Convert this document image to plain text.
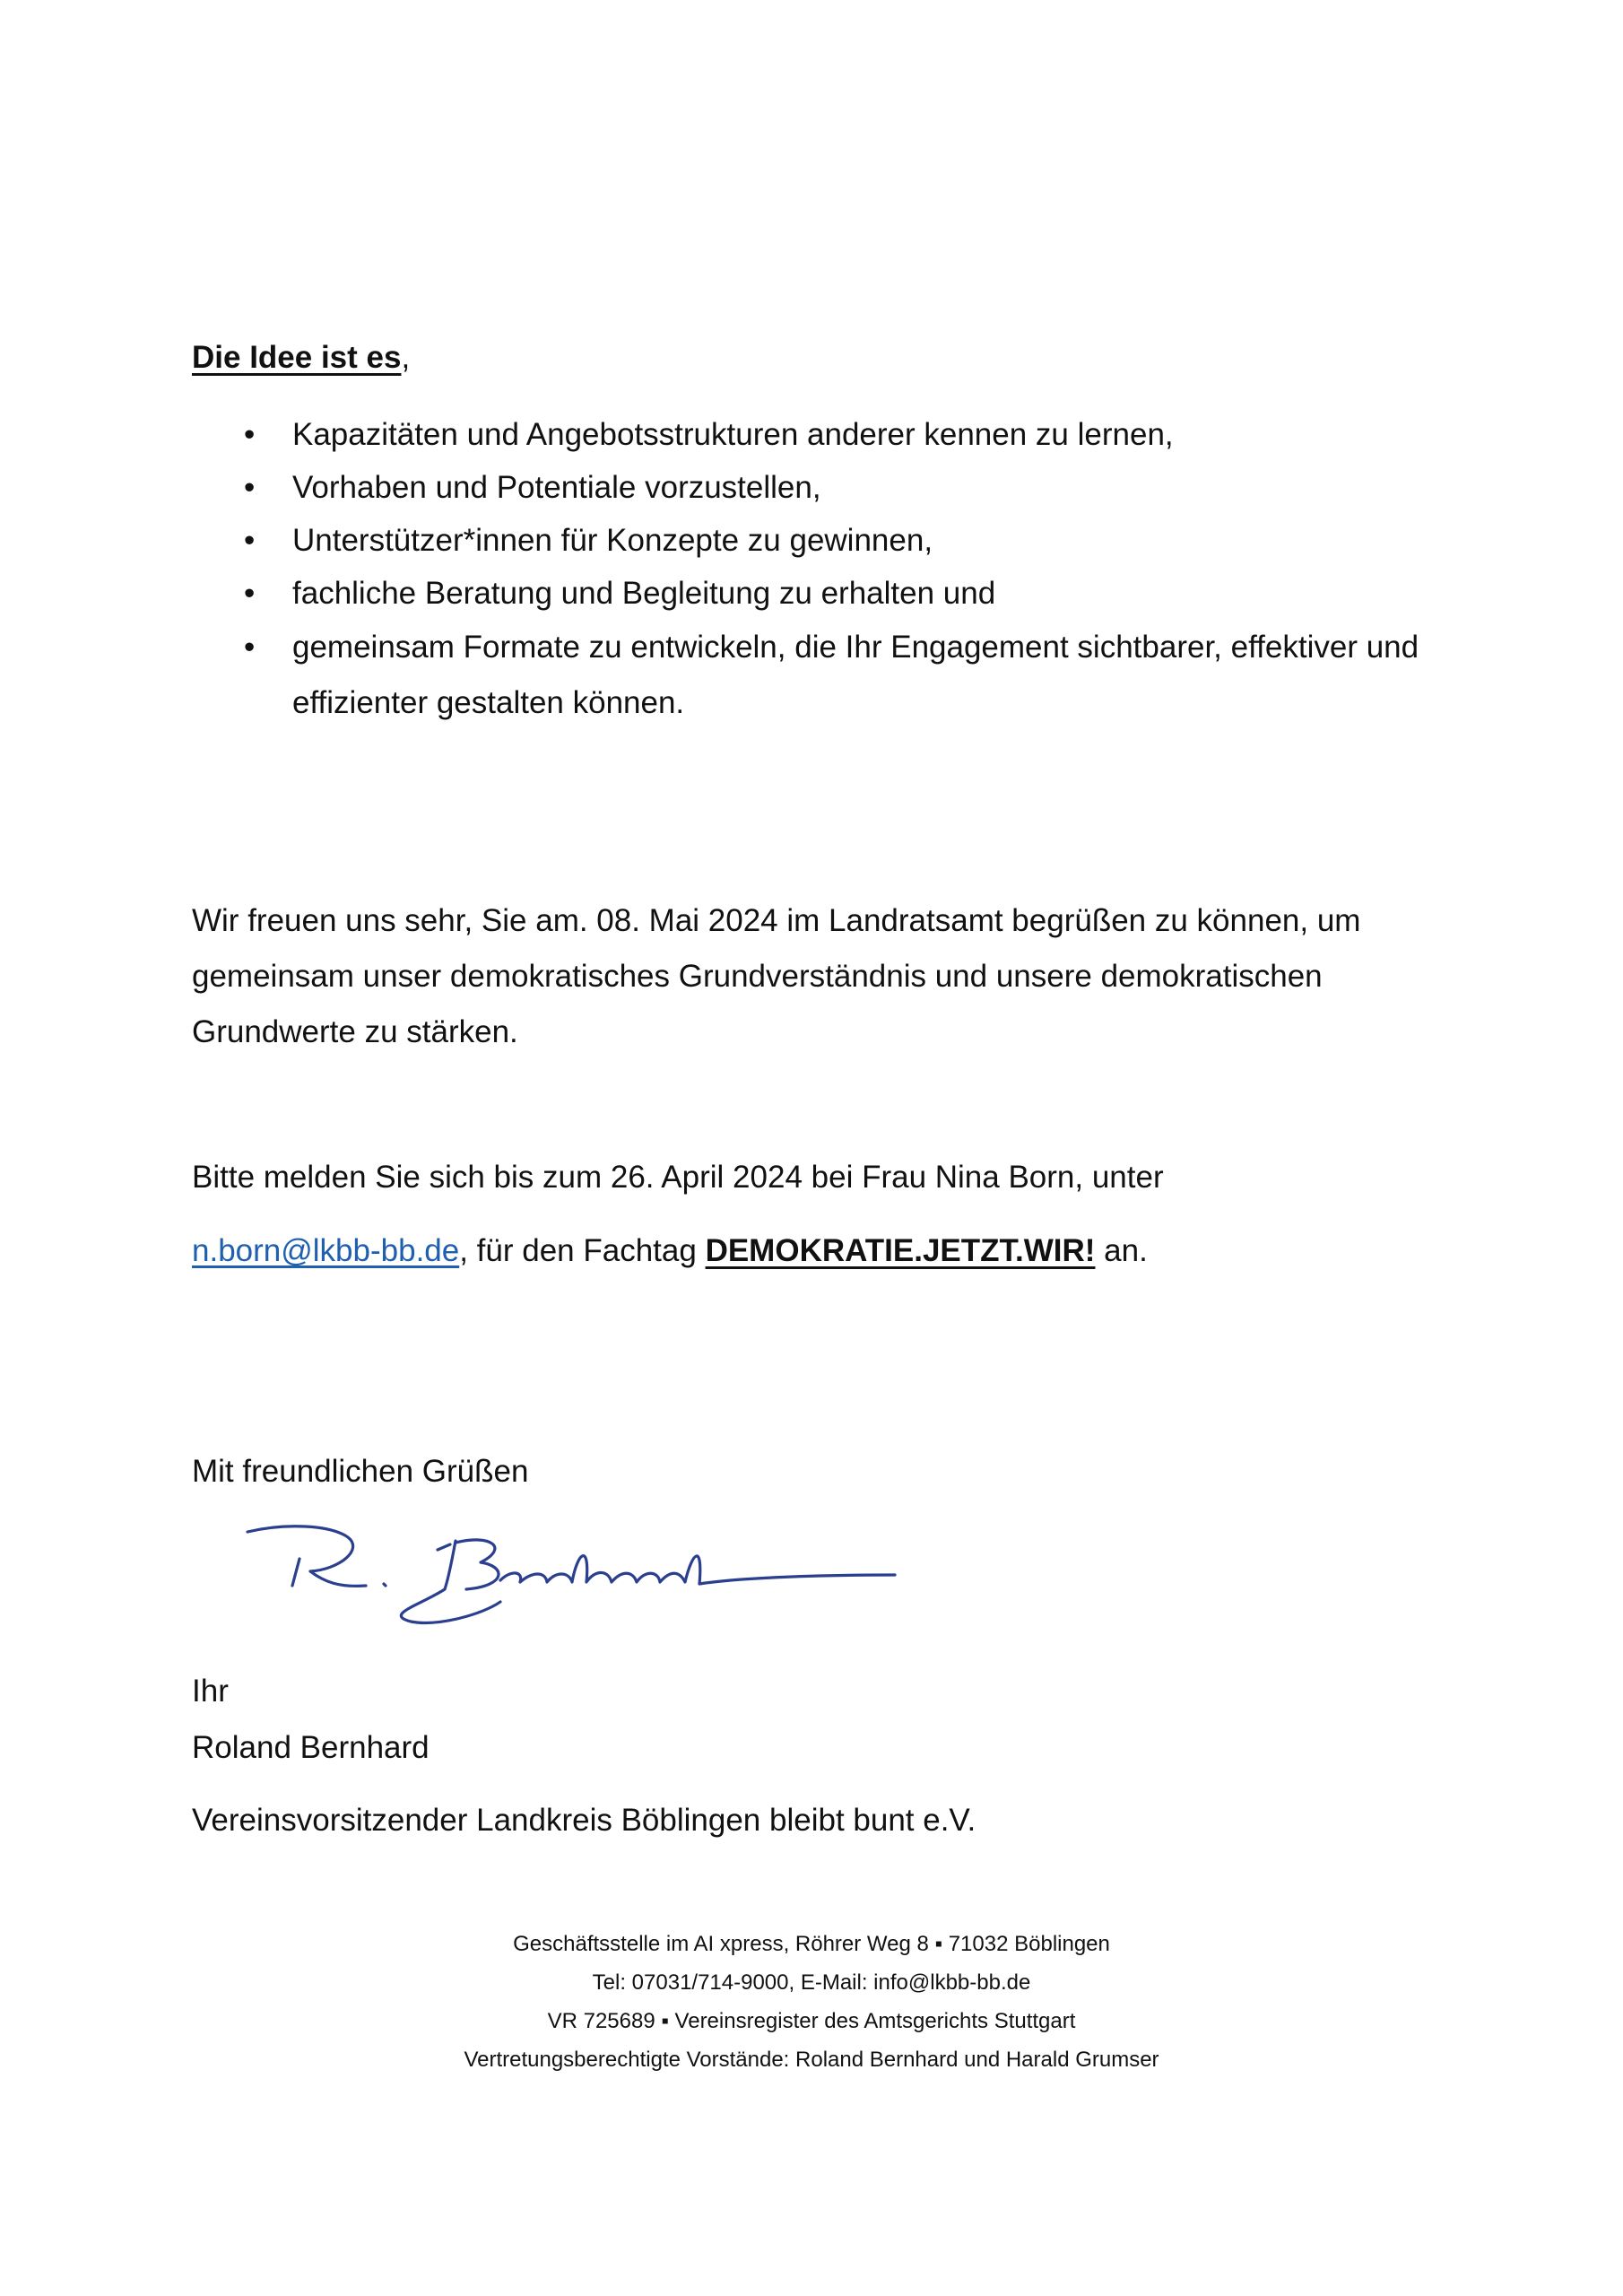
Die Idee ist es,
• Kapazitäten und Angebotsstrukturen anderer kennen zu lernen,
• Vorhaben und Potentiale vorzustellen,
• Unterstützer*innen für Konzepte zu gewinnen,
• fachliche Beratung und Begleitung zu erhalten und
• gemeinsam Formate zu entwickeln, die Ihr Engagement sichtbarer, effektiver und effizienter gestalten können.
Wir freuen uns sehr, Sie am. 08. Mai 2024 im Landratsamt begrüßen zu können, um gemeinsam unser demokratisches Grundverständnis und unsere demokratischen Grundwerte zu stärken.
Bitte melden Sie sich bis zum 26. April 2024 bei Frau Nina Born, unter
n.born@lkbb-bb.de, für den Fachtag DEMOKRATIE.JETZT.WIR! an.
Mit freundlichen Grüßen
Ihr
Roland Bernhard
Vereinsvorsitzender Landkreis Böblingen bleibt bunt e.V.
Geschäftsstelle im AI xpress, Röhrer Weg 8 ▪ 71032 Böblingen
Tel: 07031/714-9000, E-Mail: info@lkbb-bb.de
VR 725689 ▪ Vereinsregister des Amtsgerichts Stuttgart
Vertretungsberechtigte Vorstände: Roland Bernhard und Harald Grumser
